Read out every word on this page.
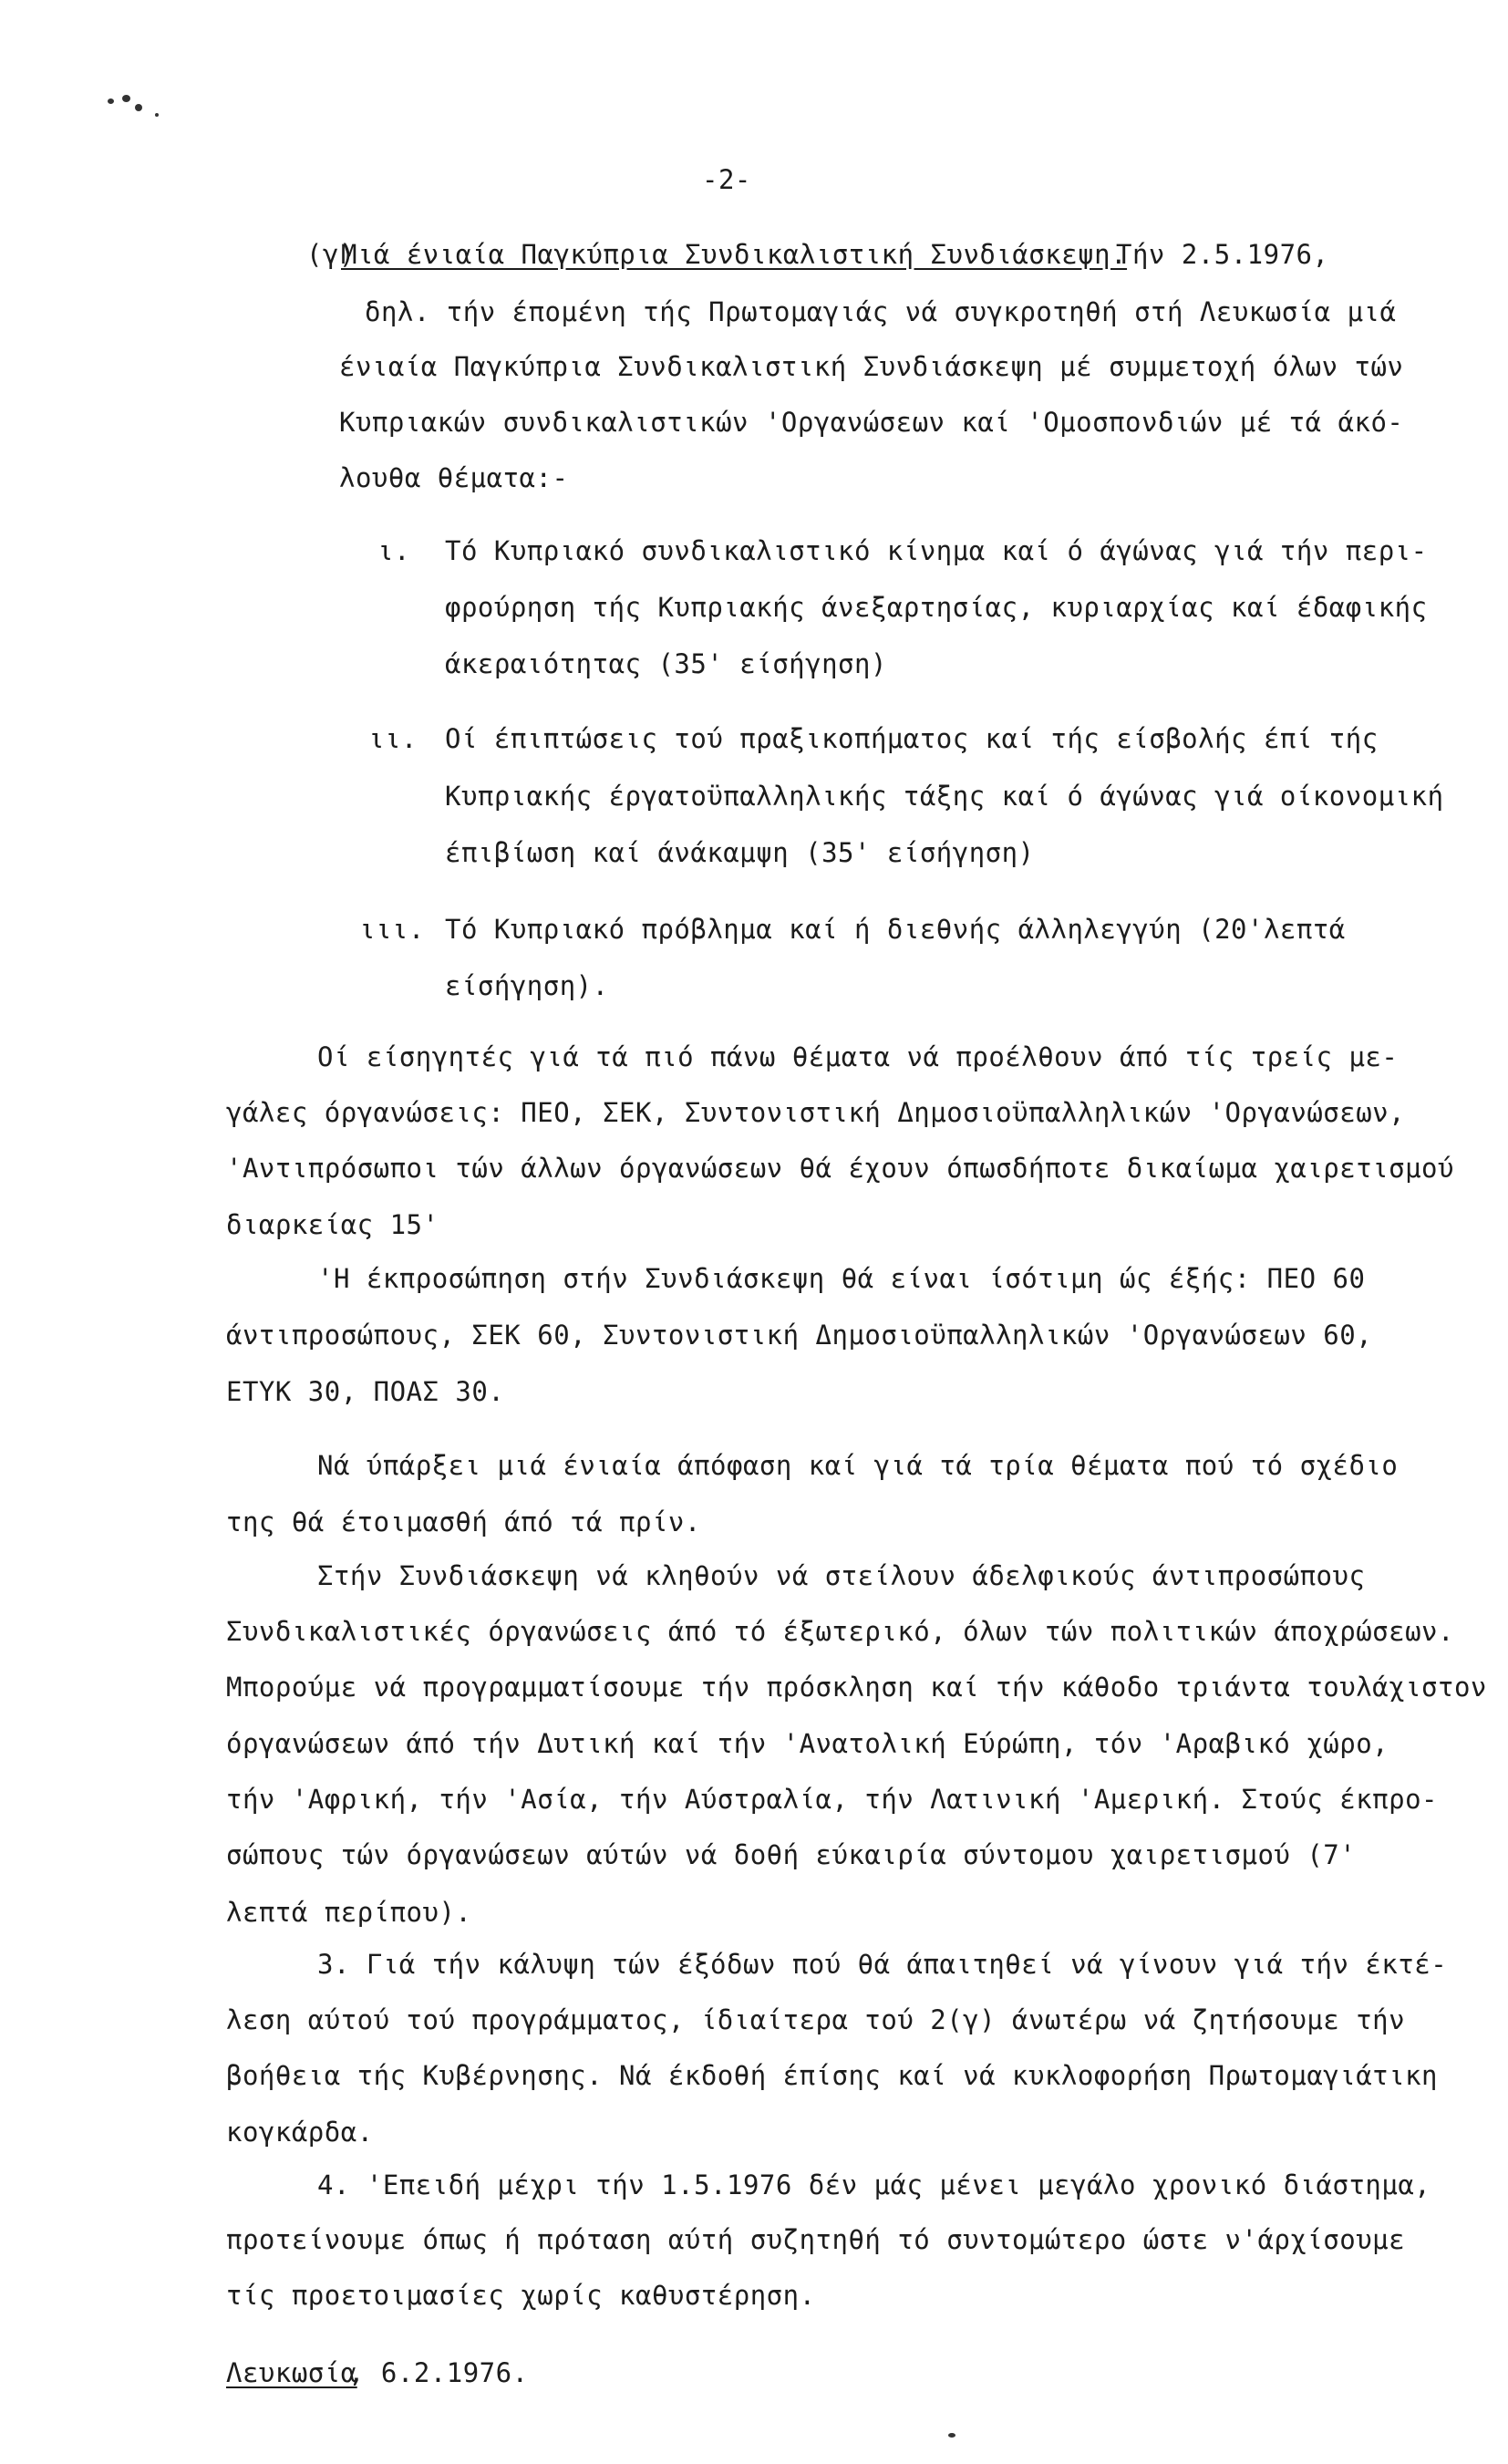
-2-
(γ)
Μιά ένιαία Παγκύπρια Συνδικαλιστική Συνδιάσκεψη.
Τήν 2.5.1976,
δηλ. τήν έπομένη τής Πρωτομαγιάς νά συγκροτηθή στή Λευκωσία μιά
ένιαία Παγκύπρια Συνδικαλιστική Συνδιάσκεψη μέ συμμετοχή όλων τών
Κυπριακών συνδικαλιστικών 'Οργανώσεων καί 'Ομοσπονδιών μέ τά άκό-
λουθα θέματα:-
ι. Τό Κυπριακό συνδικαλιστικό κίνημα καί ό άγώνας γιά τήν περι-
φρούρηση τής Κυπριακής άνεξαρτησίας, κυριαρχίας καί έδαφικής
άκεραιότητας (35' είσήγηση)
ιι. Οί έπιπτώσεις τού πραξικοπήματος καί τής είσβολής έπί τής
Κυπριακής έργατοϋπαλληλικής τάξης καί ό άγώνας γιά οίκονομική
έπιβίωση καί άνάκαμψη (35' είσήγηση)
ιιι. Τό Κυπριακό πρόβλημα καί ή διεθνής άλληλεγγύη (20'λεπτά
είσήγηση).
Οί είσηγητές γιά τά πιό πάνω θέματα νά προέλθουν άπό τίς τρείς με-
γάλες όργανώσεις: ΠΕΟ, ΣΕΚ, Συντονιστική Δημοσιοϋπαλληλικών 'Οργανώσεων,
'Αντιπρόσωποι τών άλλων όργανώσεων θά έχουν όπωσδήποτε δικαίωμα χαιρετισμού
διαρκείας 15'
'Η έκπροσώπηση στήν Συνδιάσκεψη θά είναι ίσότιμη ώς έξής: ΠΕΟ 60
άντιπροσώπους, ΣΕΚ 60, Συντονιστική Δημοσιοϋπαλληλικών 'Οργανώσεων 60,
ΕΤΥΚ 30, ΠΟΑΣ 30.
Νά ύπάρξει μιά ένιαία άπόφαση καί γιά τά τρία θέματα πού τό σχέδιο
της θά έτοιμασθή άπό τά πρίν.
Στήν Συνδιάσκεψη νά κληθούν νά στείλουν άδελφικούς άντιπροσώπους
Συνδικαλιστικές όργανώσεις άπό τό έξωτερικό, όλων τών πολιτικών άποχρώσεων.
Μπορούμε νά προγραμματίσουμε τήν πρόσκληση καί τήν κάθοδο τριάντα τουλάχιστον
όργανώσεων άπό τήν Δυτική καί τήν 'Ανατολική Εύρώπη, τόν 'Αραβικό χώρο,
τήν 'Αφρική, τήν 'Ασία, τήν Αύστραλία, τήν Λατινική 'Αμερική. Στούς έκπρο-
σώπους τών όργανώσεων αύτών νά δοθή εύκαιρία σύντομου χαιρετισμού (7'
λεπτά περίπου).
3. Γιά τήν κάλυψη τών έξόδων πού θά άπαιτηθεί νά γίνουν γιά τήν έκτέ-
λεση αύτού τού προγράμματος, ίδιαίτερα τού 2(γ) άνωτέρω νά ζητήσουμε τήν
βοήθεια τής Κυβέρνησης. Νά έκδοθή έπίσης καί νά κυκλοφορήση Πρωτομαγιάτικη
κογκάρδα.
4. 'Επειδή μέχρι τήν 1.5.1976 δέν μάς μένει μεγάλο χρονικό διάστημα,
προτείνουμε όπως ή πρόταση αύτή συζητηθή τό συντομώτερο ώστε ν'άρχίσουμε
τίς προετοιμασίες χωρίς καθυστέρηση.
Λευκωσία
, 6.2.1976.
